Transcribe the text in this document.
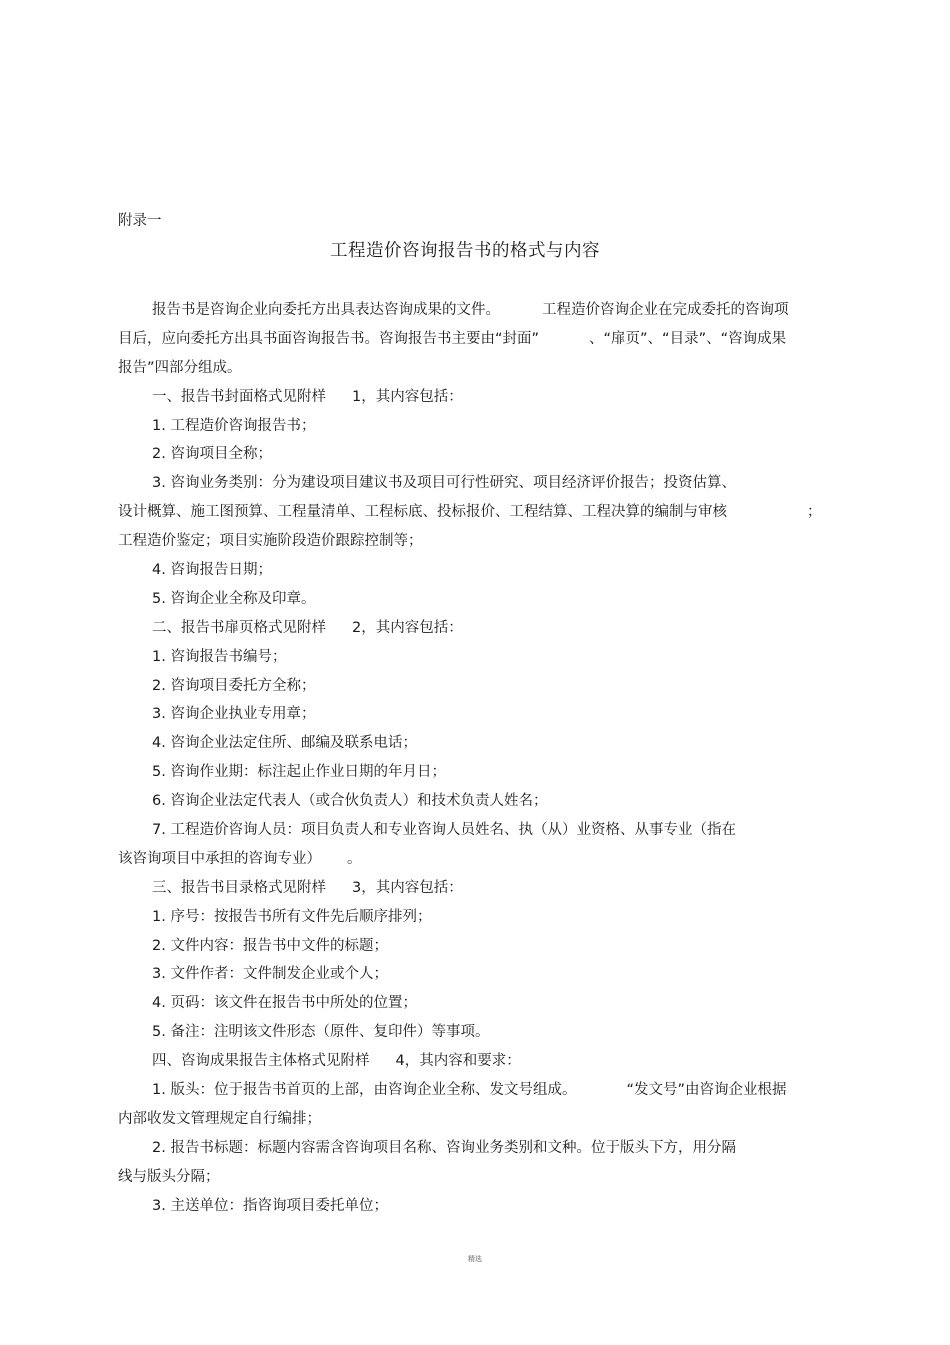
附录一
工程造价咨询报告书的格式与内容
报告书是咨询企业向委托方出具表达咨询成果的文件。	工程造价咨询企业在完成委托的咨询项
目后，应向委托方出具书面咨询报告书。咨询报告书主要由“封面”	、“扉页”、“目录”、“咨询成果
报告”四部分组成。
一、报告书封面格式见附样 1，其内容包括：
1. 工程造价咨询报告书；
2. 咨询项目全称；
3. 咨询业务类别：分为建设项目建议书及项目可行性研究、项目经济评价报告；投资估算、
设计概算、施工图预算、工程量清单、工程标底、投标报价、工程结算、工程决算的编制与审核	；
工程造价鉴定；项目实施阶段造价跟踪控制等；
4. 咨询报告日期；
5. 咨询企业全称及印章。
二、报告书扉页格式见附样 2，其内容包括：
1. 咨询报告书编号；
2. 咨询项目委托方全称；
3. 咨询企业执业专用章；
4. 咨询企业法定住所、邮编及联系电话；
5. 咨询作业期：标注起止作业日期的年月日；
6. 咨询企业法定代表人（或合伙负责人）和技术负责人姓名；
7. 工程造价咨询人员：项目负责人和专业咨询人员姓名、执（从）业资格、从事专业（指在
该咨询项目中承担的咨询专业） 。
三、报告书目录格式见附样 3，其内容包括：
1. 序号：按报告书所有文件先后顺序排列；
2. 文件内容：报告书中文件的标题；
3. 文件作者：文件制发企业或个人；
4. 页码：该文件在报告书中所处的位置；
5. 备注：注明该文件形态（原件、复印件）等事项。
四、咨询成果报告主体格式见附样 4，其内容和要求：
1. 版头：位于报告书首页的上部，由咨询企业全称、发文号组成。	“发文号”由咨询企业根据
内部收发文管理规定自行编排；
2. 报告书标题：标题内容需含咨询项目名称、咨询业务类别和文种。位于版头下方，用分隔
线与版头分隔；
3. 主送单位：指咨询项目委托单位；
精选
